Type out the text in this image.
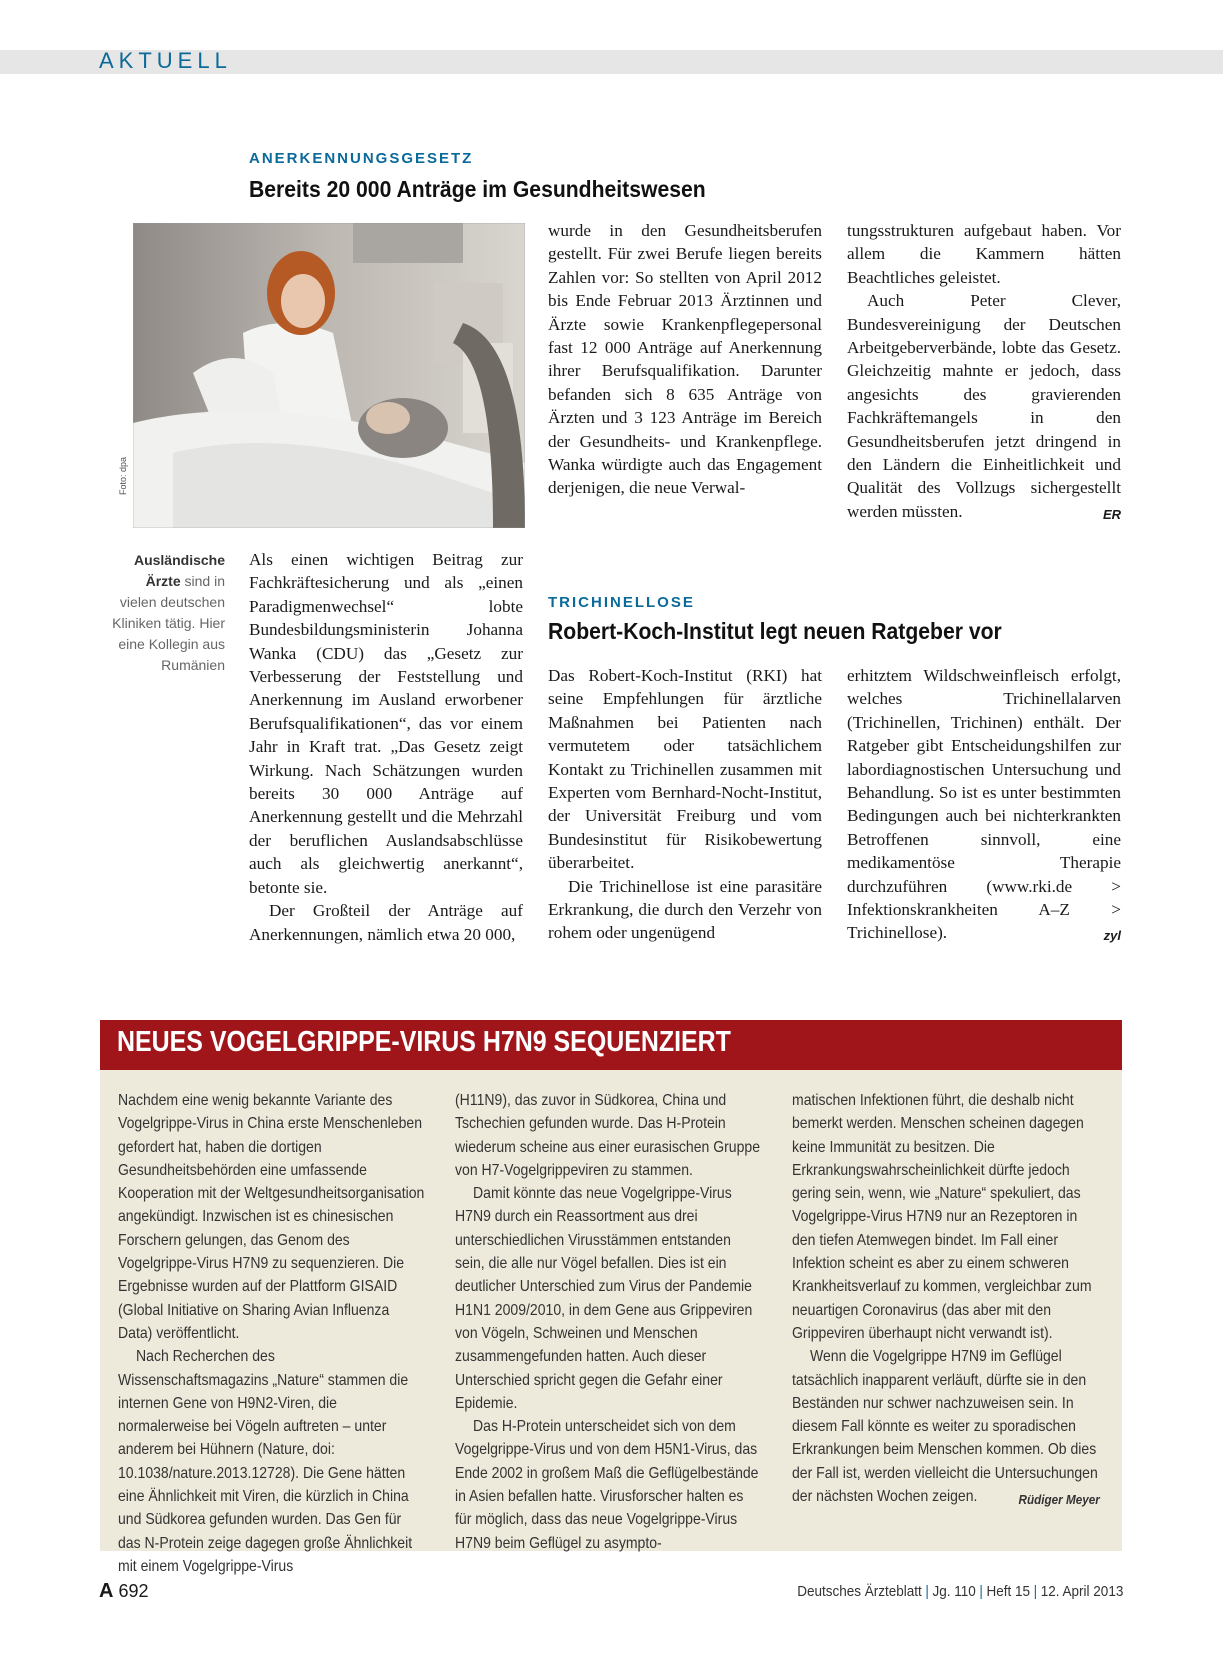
AKTUELL
ANERKENNUNGSGESETZ
Bereits 20 000 Anträge im Gesundheitswesen
Foto: dpa
Ausländische Ärzte sind in vielen deutschen Kliniken tätig. Hier eine Kollegin aus Rumänien

Als einen wichtigen Beitrag zur Fachkräftesicherung und als „einen Paradigmenwechsel“ lobte Bundesbildungsministerin Johanna Wanka (CDU) das „Gesetz zur Verbesserung der Feststellung und Anerkennung im Ausland erworbener Berufsqualifikationen“, das vor einem Jahr in Kraft trat. „Das Gesetz zeigt Wirkung. Nach Schätzungen wurden bereits 30 000 Anträge auf Anerkennung gestellt und die Mehrzahl der beruflichen Auslandsabschlüsse auch als gleichwertig anerkannt“, betonte sie.

Der Großteil der Anträge auf Anerkennungen, nämlich etwa 20 000,

wurde in den Gesundheitsberufen gestellt. Für zwei Berufe liegen bereits Zahlen vor: So stellten von April 2012 bis Ende Februar 2013 Ärztinnen und Ärzte sowie Krankenpflegepersonal fast 12 000 Anträge auf Anerkennung ihrer Berufsqualifikation. Darunter befanden sich 8 635 Anträge von Ärzten und 3 123 Anträge im Bereich der Gesundheits- und Krankenpflege. Wanka würdigte auch das Engagement derjenigen, die neue Verwal-

tungsstrukturen aufgebaut haben. Vor allem die Kammern hätten Beachtliches geleistet.

Auch Peter Clever, Bundesvereinigung der Deutschen Arbeitgeberverbände, lobte das Gesetz. Gleichzeitig mahnte er jedoch, dass angesichts des gravierenden Fachkräftemangels in den Gesundheitsberufen jetzt dringend in den Ländern die Einheitlichkeit und Qualität des Vollzugs sichergestellt werden müssten.	ER

TRICHINELLOSE
Robert-Koch-Institut legt neuen Ratgeber vor

Das Robert-Koch-Institut (RKI) hat seine Empfehlungen für ärztliche Maßnahmen bei Patienten nach vermutetem oder tatsächlichem Kontakt zu Trichinellen zusammen mit Experten vom Bernhard-Nocht-Institut, der Universität Freiburg und vom Bundesinstitut für Risikobewertung überarbeitet.

Die Trichinellose ist eine parasitäre Erkrankung, die durch den Verzehr von rohem oder ungenügend

erhitztem Wildschweinfleisch erfolgt, welches Trichinellalarven (Trichinellen, Trichinen) enthält. Der Ratgeber gibt Entscheidungshilfen zur labordiagnostischen Untersuchung und Behandlung. So ist es unter bestimmten Bedingungen auch bei nichterkrankten Betroffenen sinnvoll, eine medikamentöse Therapie durchzuführen (www.rki.de > Infektionskrankheiten A–Z > Trichinellose).	zyl

NEUES VOGELGRIPPE-VIRUS H7N9 SEQUENZIERT

Nachdem eine wenig bekannte Variante des Vogelgrippe-Virus in China erste Menschenleben gefordert hat, haben die dortigen Gesundheitsbehörden eine umfassende Kooperation mit der Weltgesundheitsorganisation angekündigt. Inzwischen ist es chinesischen Forschern gelungen, das Genom des Vogelgrippe-Virus H7N9 zu sequenzieren. Die Ergebnisse wurden auf der Plattform GISAID (Global Initiative on Sharing Avian Influenza Data) veröffentlicht.

Nach Recherchen des Wissenschaftsmagazins „Nature“ stammen die internen Gene von H9N2-Viren, die normalerweise bei Vögeln auftreten – unter anderem bei Hühnern (Nature, doi: 10.1038/nature.2013.12728). Die Gene hätten eine Ähnlichkeit mit Viren, die kürzlich in China und Südkorea gefunden wurden. Das Gen für das N-Protein zeige dagegen große Ähnlichkeit mit einem Vogelgrippe-Virus

(H11N9), das zuvor in Südkorea, China und Tschechien gefunden wurde. Das H-Protein wiederum scheine aus einer eurasischen Gruppe von H7-Vogelgrippeviren zu stammen.

Damit könnte das neue Vogelgrippe-Virus H7N9 durch ein Reassortment aus drei unterschiedlichen Virusstämmen entstanden sein, die alle nur Vögel befallen. Dies ist ein deutlicher Unterschied zum Virus der Pandemie H1N1 2009/2010, in dem Gene aus Grippeviren von Vögeln, Schweinen und Menschen zusammengefunden hatten. Auch dieser Unterschied spricht gegen die Gefahr einer Epidemie.

Das H-Protein unterscheidet sich von dem Vogelgrippe-Virus und von dem H5N1-Virus, das Ende 2002 in großem Maß die Geflügelbestände in Asien befallen hatte. Virusforscher halten es für möglich, dass das neue Vogelgrippe-Virus H7N9 beim Geflügel zu asympto-

matischen Infektionen führt, die deshalb nicht bemerkt werden. Menschen scheinen dagegen keine Immunität zu besitzen. Die Erkrankungswahrscheinlichkeit dürfte jedoch gering sein, wenn, wie „Nature“ spekuliert, das Vogelgrippe-Virus H7N9 nur an Rezeptoren in den tiefen Atemwegen bindet. Im Fall einer Infektion scheint es aber zu einem schweren Krankheitsverlauf zu kommen, vergleichbar zum neuartigen Coronavirus (das aber mit den Grippeviren überhaupt nicht verwandt ist).

Wenn die Vogelgrippe H7N9 im Geflügel tatsächlich inapparent verläuft, dürfte sie in den Beständen nur schwer nachzuweisen sein. In diesem Fall könnte es weiter zu sporadischen Erkrankungen beim Menschen kommen. Ob dies der Fall ist, werden vielleicht die Untersuchungen der nächsten Wochen zeigen.	Rüdiger Meyer

A 692	Deutsches Ärzteblatt | Jg. 110 | Heft 15 | 12. April 2013
